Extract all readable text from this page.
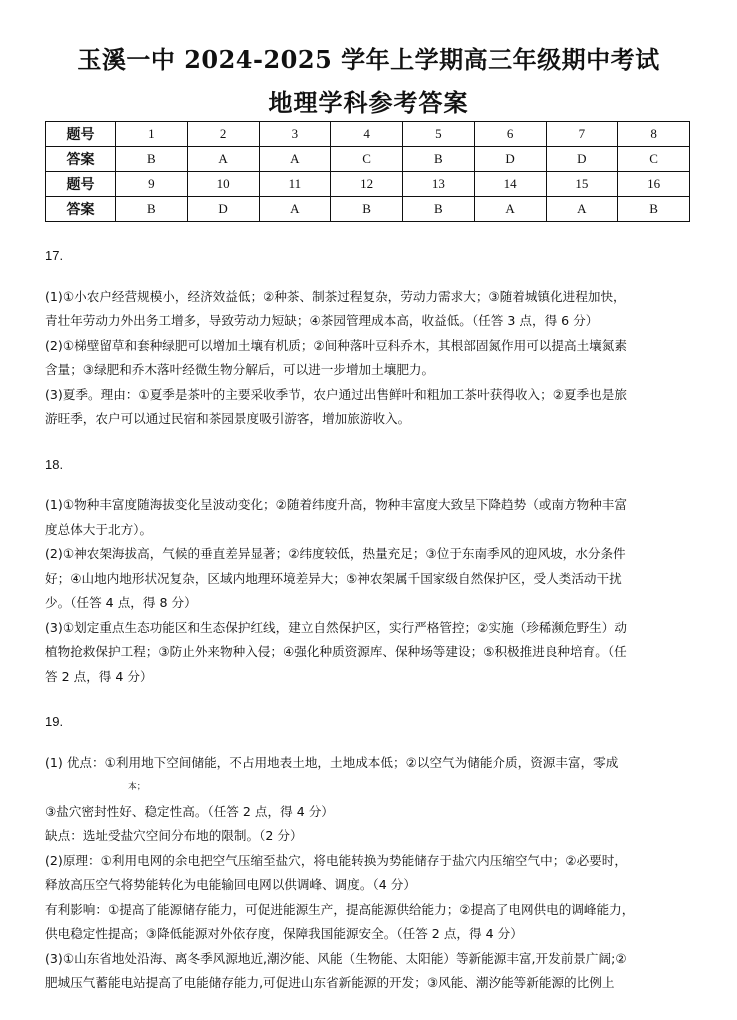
玉溪一中 2024-2025 学年上学期高三年级期中考试
地理学科参考答案
题号	1	2	3	4	5	6	7	8
答案	B	A	A	C	B	D	D	C
题号	9	10	11	12	13	14	15	16
答案	B	D	A	B	B	A	A	B

17.

(1)①小农户经营规模小，经济效益低；②种茶、制茶过程复杂，劳动力需求大；③随着城镇化进程加快，

青壮年劳动力外出务工增多，导致劳动力短缺；④茶园管理成本高，收益低。（任答 3 点，得 6 分）

(2)①梯壁留草和套种绿肥可以增加土壤有机质；②间种落叶豆科乔木，其根部固氮作用可以提高土壤氮素

含量；③绿肥和乔木落叶经微生物分解后，可以进一步增加土壤肥力。

(3)夏季。理由：①夏季是茶叶的主要采收季节，农户通过出售鲜叶和粗加工茶叶获得收入；②夏季也是旅

游旺季，农户可以通过民宿和茶园景度吸引游客，增加旅游收入。

18.

(1)①物种丰富度随海拔变化呈波动变化；②随着纬度升高，物种丰富度大致呈下降趋势（或南方物种丰富

度总体大于北方）。

(2)①神农架海拔高，气候的垂直差异显著；②纬度较低，热量充足；③位于东南季风的迎风坡，水分条件

好；④山地内地形状况复杂，区域内地理环境差异大；⑤神农架属千国家级自然保护区，受人类活动干扰

少。（任答 4 点，得 8 分）

(3)①划定重点生态功能区和生态保护红线，建立自然保护区，实行严格管控；②实施（珍稀濒危野生）动

植物抢救保护工程；③防止外来物种入侵；④强化种质资源库、保种场等建设；⑤积极推进良种培育。（任

答 2 点，得 4 分）

19.

(1) 优点：①利用地下空间储能，不占用地表土地，土地成本低；②以空气为储能介质，资源丰富，零成

本；

③盐穴密封性好、稳定性高。（任答 2 点，得 4 分）

缺点：选址受盐穴空间分布地的限制。（2 分）

(2)原理：①利用电网的余电把空气压缩至盐穴，将电能转换为势能储存于盐穴内压缩空气中；②必要时，

释放高压空气将势能转化为电能输回电网以供调峰、调度。（4 分）

有利影响：①提高了能源储存能力，可促进能源生产，提高能源供给能力；②提高了电网供电的调峰能力，

供电稳定性提高；③降低能源对外依存度，保障我国能源安全。（任答 2 点，得 4 分）

(3)①山东省地处沿海、离冬季风源地近,潮汐能、风能（生物能、太阳能）等新能源丰富,开发前景广阔;②

肥城压气蓄能电站提高了电能储存能力,可促进山东省新能源的开发；③风能、潮汐能等新能源的比例上
